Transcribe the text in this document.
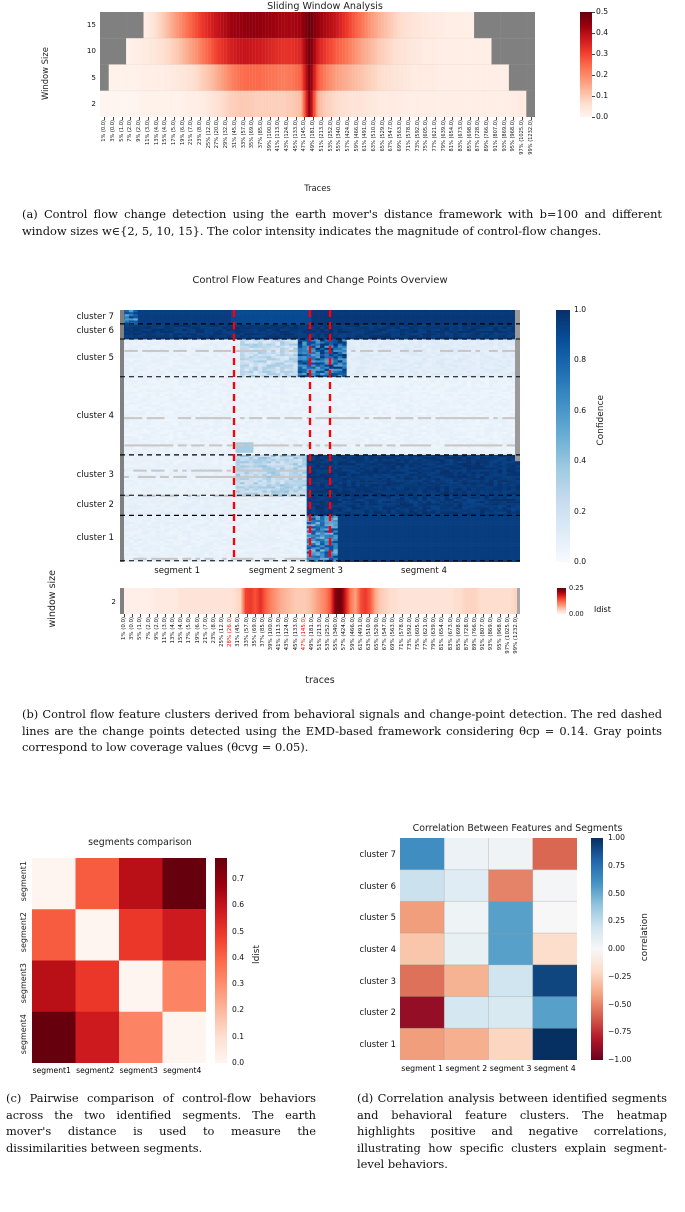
Sliding Window Analysis
15
10
5
2
Window Size
1% (0.0) 3% (0.0) 5% (1.0) 7% (2.0) 9% (2.0) 11% (3.0) 13% (4.0) 15% (4.0) 17% (5.0) 19% (6.0) 21% (7.0) 23% (8.0) 25% (12.0) 27% (20.0) 29% (32.0) 31% (45.0) 33% (57.0) 35% (69.0) 37% (85.0) 39% (100.0) 41% (113.0) 43% (124.0) 45% (133.0) 47% (145.0) 49% (181.0) 51% (213.0) 53% (252.0) 55% (340.0) 57% (424.0) 59% (466.0) 61% (491.0) 63% (510.0) 65% (529.0) 67% (547.0) 69% (563.0) 71% (578.0) 73% (592.0) 75% (605.0) 77% (621.0) 79% (639.0) 81% (654.0) 83% (673.0) 85% (698.0) 87% (728.0) 89% (766.0) 91% (807.0) 93% (869.0) 95% (968.0) 97% (1025.0) 99% (1232.0)
Traces
0.0
0.1
0.2
0.3
0.4
0.5
(a) Control flow change detection using the earth mover's distance framework with b=100 and different window sizes w∈{2, 5, 10, 15}. The color intensity indicates the magnitude of control-flow changes.
Control Flow Features and Change Points Overview
cluster 7
cluster 6
cluster 5
cluster 4
cluster 3
cluster 2
cluster 1
segment 1	segment 2 segment 3	segment 4
0.0
0.2
0.4
0.6
0.8
1.0
Confidence
window size	2
1% (0.0) 3% (0.0) 5% (1.0) 7% (2.0) 9% (2.0) 11% (3.0) 13% (4.0) 15% (4.0) 17% (5.0) 19% (6.0) 21% (7.0) 23% (8.0) 25% (12.0) 28% (26.0) 31% (45.0) 33% (57.0) 35% (69.0) 37% (85.0) 39% (100.0) 41% (113.0) 43% (124.0) 45% (133.0) 47% (145.0) 49% (181.0) 51% (213.0) 53% (252.0) 55% (340.0) 57% (424.0) 59% (466.0) 61% (491.0) 63% (510.0) 65% (529.0) 67% (547.0) 69% (563.0) 71% (578.0) 73% (592.0) 75% (605.0) 77% (621.0) 79% (639.0) 81% (654.0) 83% (673.0) 85% (698.0) 87% (728.0) 89% (766.0) 91% (807.0) 93% (869.0) 95% (968.0) 97% (1025.0) 99% (1232.0)
traces
0.00
0.25
ldist
(b) Control flow feature clusters derived from behavioral signals and change-point detection. The red dashed lines are the change points detected using the EMD-based framework considering θcp = 0.14. Gray points correspond to low coverage values (θcvg = 0.05).
segments comparison
segment1
segment2
segment3
segment4
segment1 segment2 segment3 segment4
0.0
0.1
0.2
0.3
0.4
0.5
0.6
0.7
ldist
(c) Pairwise comparison of control-flow behaviors across the two identified segments. The earth mover's distance is used to measure the dissimilarities between segments.
Correlation Between Features and Segments
cluster 7
cluster 6
cluster 5
cluster 4
cluster 3
cluster 2
cluster 1
segment 1 segment 2 segment 3 segment 4
−1.00
−0.75
−0.50
−0.25
0.00
0.25
0.50
0.75
1.00
correlation
(d) Correlation analysis between identified segments and behavioral feature clusters. The heatmap highlights positive and negative correlations, illustrating how specific clusters explain segment-level behaviors.
